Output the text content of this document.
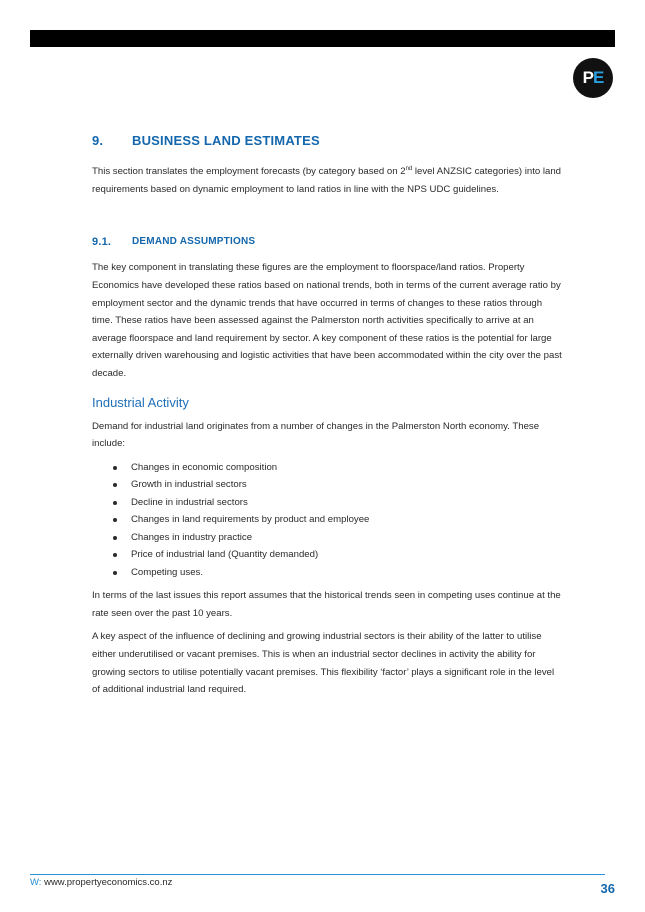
P E
9.	BUSINESS LAND ESTIMATES

This section translates the employment forecasts (by category based on 2nd level ANZSIC categories) into land requirements based on dynamic employment to land ratios in line with the NPS UDC guidelines.

9.1.	DEMAND ASSUMPTIONS

The key component in translating these figures are the employment to floorspace/land ratios. Property Economics have developed these ratios based on national trends, both in terms of the current average ratio by employment sector and the dynamic trends that have occurred in terms of changes to these ratios through time. These ratios have been assessed against the Palmerston north activities specifically to arrive at an average floorspace and land requirement by sector. A key component of these ratios is the potential for large externally driven warehousing and logistic activities that have been accommodated within the city over the past decade.

Industrial Activity

Demand for industrial land originates from a number of changes in the Palmerston North economy. These include:

Changes in economic composition
Growth in industrial sectors
Decline in industrial sectors
Changes in land requirements by product and employee
Changes in industry practice
Price of industrial land (Quantity demanded)
Competing uses.

In terms of the last issues this report assumes that the historical trends seen in competing uses continue at the rate seen over the past 10 years.

A key aspect of the influence of declining and growing industrial sectors is their ability of the latter to utilise either underutilised or vacant premises. This is when an industrial sector declines in activity the ability for growing sectors to utilise potentially vacant premises. This flexibility ‘factor’ plays a significant role in the level of additional industrial land required.

W: www.propertyeconomics.co.nz	36
